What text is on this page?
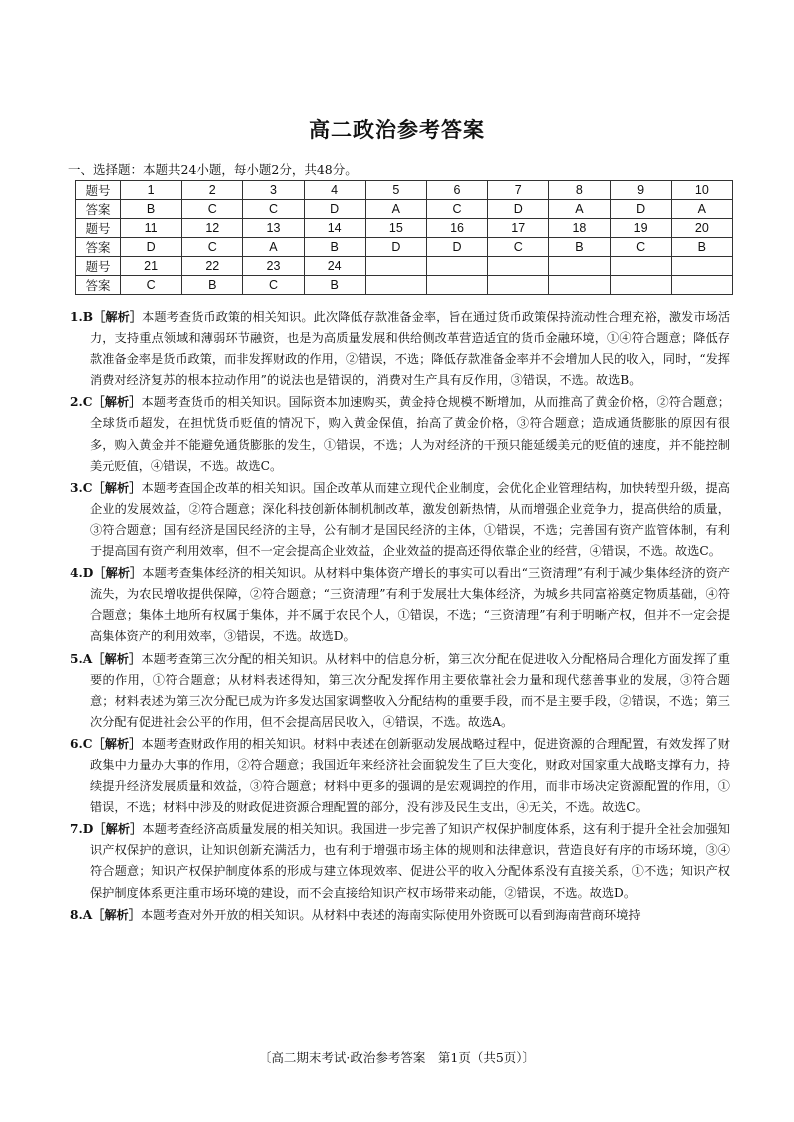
高二政治参考答案

一、选择题：本题共24小题，每小题2分，共48分。

题号	1	2	3	4	5	6	7	8	9	10
答案	B	C	C	D	A	C	D	A	D	A
题号	11	12	13	14	15	16	17	18	19	20
答案	D	C	A	B	D	D	C	B	C	B
题号	21	22	23	24						
答案	C	B	C	B						

1.B［解析］本题考查货币政策的相关知识。此次降低存款准备金率，旨在通过货币政策保持流动性合理充裕，激发市场活力，支持重点领域和薄弱环节融资，也是为高质量发展和供给侧改革营造适宜的货币金融环境，①④符合题意；降低存款准备金率是货币政策，而非发挥财政的作用，②错误，不选；降低存款准备金率并不会增加人民的收入，同时，“发挥消费对经济复苏的根本拉动作用”的说法也是错误的，消费对生产具有反作用，③错误，不选。故选B。

2.C［解析］本题考查货币的相关知识。国际资本加速购买，黄金持仓规模不断增加，从而推高了黄金价格，②符合题意；全球货币超发，在担忧货币贬值的情况下，购入黄金保值，抬高了黄金价格，③符合题意；造成通货膨胀的原因有很多，购入黄金并不能避免通货膨胀的发生，①错误，不选；人为对经济的干预只能延缓美元的贬值的速度，并不能控制美元贬值，④错误，不选。故选C。

3.C［解析］本题考查国企改革的相关知识。国企改革从而建立现代企业制度，会优化企业管理结构，加快转型升级，提高企业的发展效益，②符合题意；深化科技创新体制机制改革，激发创新热情，从而增强企业竞争力，提高供给的质量，③符合题意；国有经济是国民经济的主导，公有制才是国民经济的主体，①错误，不选；完善国有资产监管体制，有利于提高国有资产利用效率，但不一定会提高企业效益，企业效益的提高还得依靠企业的经营，④错误，不选。故选C。

4.D［解析］本题考查集体经济的相关知识。从材料中集体资产增长的事实可以看出“三资清理”有利于减少集体经济的资产流失，为农民增收提供保障，②符合题意；“三资清理”有利于发展壮大集体经济，为城乡共同富裕奠定物质基础，④符合题意；集体土地所有权属于集体，并不属于农民个人，①错误，不选；“三资清理”有利于明晰产权，但并不一定会提高集体资产的利用效率，③错误，不选。故选D。

5.A［解析］本题考查第三次分配的相关知识。从材料中的信息分析，第三次分配在促进收入分配格局合理化方面发挥了重要的作用，①符合题意；从材料表述得知，第三次分配发挥作用主要依靠社会力量和现代慈善事业的发展，③符合题意；材料表述为第三次分配已成为许多发达国家调整收入分配结构的重要手段，而不是主要手段，②错误，不选；第三次分配有促进社会公平的作用，但不会提高居民收入，④错误，不选。故选A。

6.C［解析］本题考查财政作用的相关知识。材料中表述在创新驱动发展战略过程中，促进资源的合理配置，有效发挥了财政集中力量办大事的作用，②符合题意；我国近年来经济社会面貌发生了巨大变化，财政对国家重大战略支撑有力，持续提升经济发展质量和效益，③符合题意；材料中更多的强调的是宏观调控的作用，而非市场决定资源配置的作用，①错误，不选；材料中涉及的财政促进资源合理配置的部分，没有涉及民生支出，④无关，不选。故选C。

7.D［解析］本题考查经济高质量发展的相关知识。我国进一步完善了知识产权保护制度体系，这有利于提升全社会加强知识产权保护的意识，让知识创新充满活力，也有利于增强市场主体的规则和法律意识，营造良好有序的市场环境，③④符合题意；知识产权保护制度体系的形成与建立体现效率、促进公平的收入分配体系没有直接关系，①不选；知识产权保护制度体系更注重市场环境的建设，而不会直接给知识产权市场带来动能，②错误，不选。故选D。

8.A［解析］本题考查对外开放的相关知识。从材料中表述的海南实际使用外资既可以看到海南营商环境持

〔高二期末考试·政治参考答案　第1页（共5页）〕
